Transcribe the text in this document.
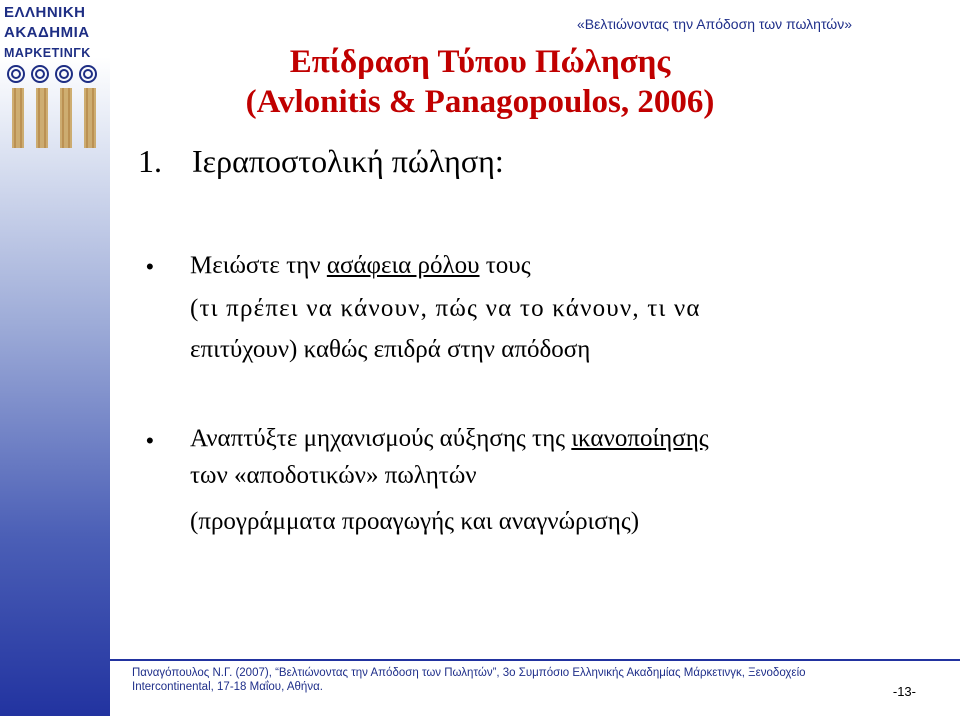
ΕΛΛΗΝΙΚΗ
ΑΚΑΔΗΜΙΑ
ΜΑΡΚΕΤΙΝΓΚ
«Βελτιώνοντας την Απόδοση των πωλητών»
Επίδραση Τύπου Πώλησης
(Avlonitis & Panagopoulos, 2006)
1. Ιεραποστολική πώληση:
• Μειώστε την ασάφεια ρόλου τους
(τι πρέπει να κάνουν, πώς να το κάνουν, τι να
επιτύχουν) καθώς επιδρά στην απόδοση
• Αναπτύξτε μηχανισμούς αύξησης της ικανοποίησης
των «αποδοτικών» πωλητών
(προγράμματα προαγωγής και αναγνώρισης)
Παναγόπουλος Ν.Γ. (2007), “Βελτιώνοντας την Απόδοση των Πωλητών”, 3ο Συμπόσιο Ελληνικής Ακαδημίας Μάρκετινγκ, Ξενοδοχείο
Intercontinental, 17-18 Μαΐου, Αθήνα.	-13-
